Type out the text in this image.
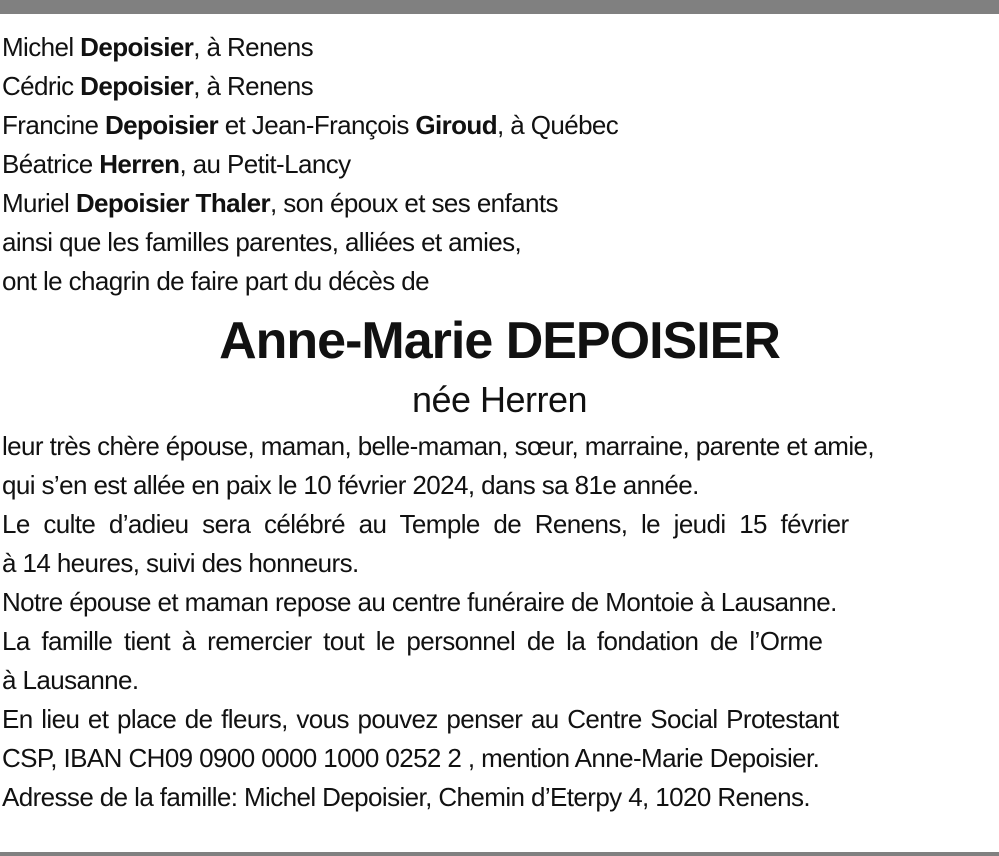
Michel Depoisier, à Renens
Cédric Depoisier, à Renens
Francine Depoisier et Jean-François Giroud, à Québec
Béatrice Herren, au Petit-Lancy
Muriel Depoisier Thaler, son époux et ses enfants
ainsi que les familles parentes, alliées et amies,
ont le chagrin de faire part du décès de
Anne-Marie DEPOISIER
née Herren
leur très chère épouse, maman, belle-maman, sœur, marraine, parente et amie,
qui s’en est allée en paix le 10 février 2024, dans sa 81e année.
Le culte d’adieu sera célébré au Temple de Renens, le jeudi 15 février
à 14 heures, suivi des honneurs.
Notre épouse et maman repose au centre funéraire de Montoie à Lausanne.
La famille tient à remercier tout le personnel de la fondation de l’Orme
à Lausanne.
En lieu et place de fleurs, vous pouvez penser au Centre Social Protestant
CSP, IBAN CH09 0900 0000 1000 0252 2 , mention Anne-Marie Depoisier.
Adresse de la famille: Michel Depoisier, Chemin d’Eterpy 4, 1020 Renens.
